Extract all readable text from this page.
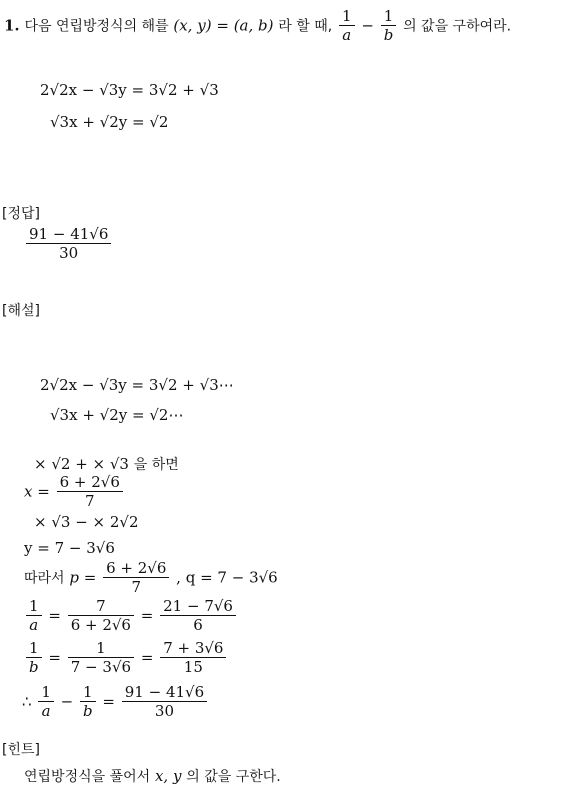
1. 다음 연립방정식의 해를 (x, y) = (a, b) 라 할 때, $\frac{1}{a} - \frac{1}{b}$ 의 값을 구하여라.
2√2x − √3y = 3√2 + √3
√3x + √2y = √2
[정답]
$\frac{91 - 41√6}{30}$
[해설]
2√2x − √3y = 3√2 + √3⋯
√3x + √2y = √2⋯
× √2 + × √3 을 하면
$x = \frac{6 + 2√6}{7}$
× √3 − × 2√2
y = 7 − 3√6
따라서 $p = \frac{6 + 2√6}{7}$ , q = 7 − 3√6
$\frac{1}{a} = \frac{7}{6 + 2√6} = \frac{21 - 7√6}{6}$
$\frac{1}{b} = \frac{1}{7 - 3√6} = \frac{7 + 3√6}{15}$
∴ $\frac{1}{a} - \frac{1}{b} = \frac{91 - 41√6}{30}$
[힌트]
연립방정식을 풀어서 x, y 의 값을 구한다.
